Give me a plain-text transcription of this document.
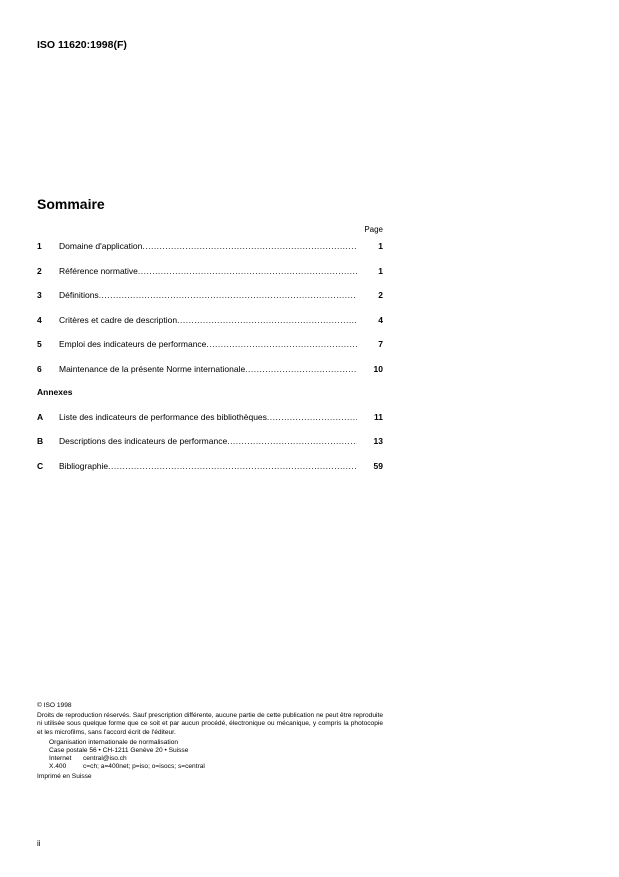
ISO 11620:1998(F)
Sommaire
Page
1	Domaine d'application .....	1
2	Référence normative .....	1
3	Définitions .....	2
4	Critères et cadre de description .....	4
5	Emploi des indicateurs de performance .....	7
6	Maintenance de la présente Norme internationale .....	10
Annexes
A	Liste des indicateurs de performance des bibliothèques .....	11
B	Descriptions des indicateurs de performance .....	13
C	Bibliographie .....	59

© ISO 1998

Droits de reproduction réservés. Sauf prescription différente, aucune partie de cette publication ne peut être reproduite ni utilisée sous quelque forme que ce soit et par aucun procédé, électronique ou mécanique, y compris la photocopie et les microfilms, sans l'accord écrit de l'éditeur.

Organisation internationale de normalisation

Case postale 56 • CH-1211 Genève 20 • Suisse

Internet	central@iso.ch
X.400	c=ch; a=400net; p=iso; o=isocs; s=central

Imprimé en Suisse

ii
